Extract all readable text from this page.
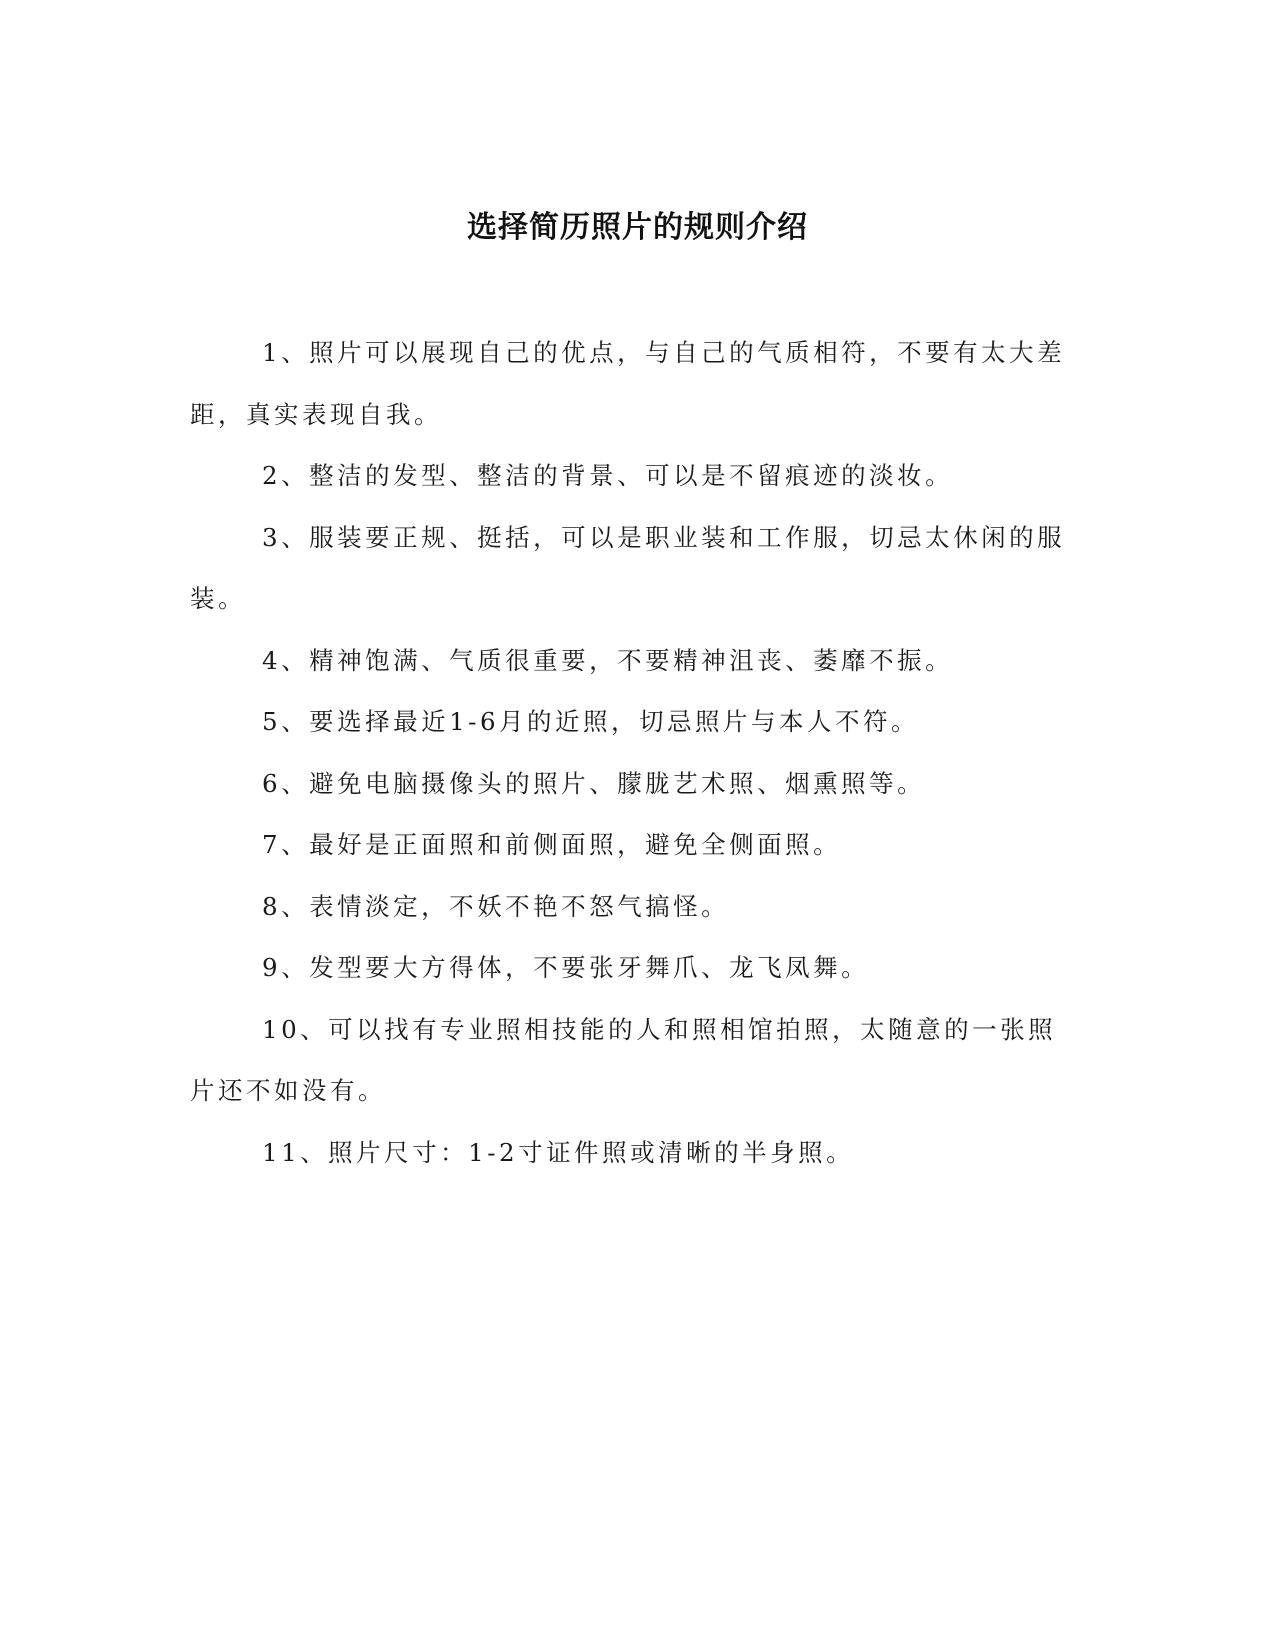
选择简历照片的规则介绍

1、照片可以展现自己的优点，与自己的气质相符，不要有太大差距，真实表现自我。

2、整洁的发型、整洁的背景、可以是不留痕迹的淡妆。

3、服装要正规、挺括，可以是职业装和工作服，切忌太休闲的服装。

4、精神饱满、气质很重要，不要精神沮丧、萎靡不振。

5、要选择最近1-6月的近照，切忌照片与本人不符。

6、避免电脑摄像头的照片、朦胧艺术照、烟熏照等。

7、最好是正面照和前侧面照，避免全侧面照。

8、表情淡定，不妖不艳不怒气搞怪。

9、发型要大方得体，不要张牙舞爪、龙飞凤舞。

10、可以找有专业照相技能的人和照相馆拍照，太随意的一张照片还不如没有。

11、照片尺寸：1-2寸证件照或清晰的半身照。
